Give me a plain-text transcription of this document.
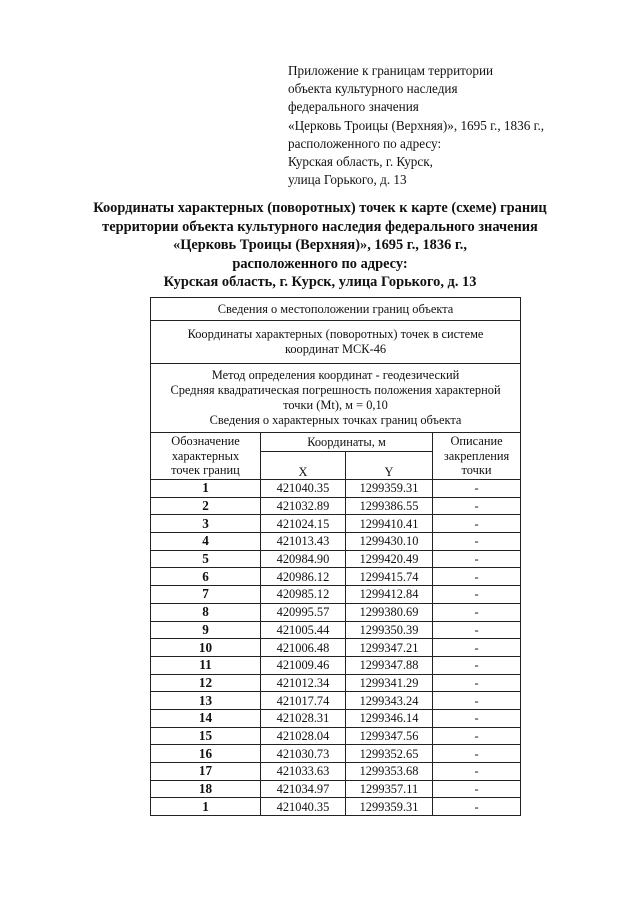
Приложение к границам территории
объекта культурного наследия
федерального значения
«Церковь Троицы (Верхняя)», 1695 г., 1836 г.,
расположенного по адресу:
Курская область, г. Курск,
улица Горького, д. 13
Координаты характерных (поворотных) точек к карте (схеме) границ
территории объекта культурного наследия федерального значения
«Церковь Троицы (Верхняя)», 1695 г., 1836 г.,
расположенного по адресу:
Курская область, г. Курск, улица Горького, д. 13
Сведения о местоположении границ объекта			

Координаты характерных (поворотных) точек в системе
координат МСК-46			

Метод определения координат - геодезический
Средняя квадратическая погрешность положения характерной
точки (Mt), м = 0,10
Сведения о характерных точках границ объекта			

Обозначение
характерных
точек границ	Координаты, м		Описание
закрепления
точки

	X	Y	
1	421040.35	1299359.31	-
2	421032.89	1299386.55	-
3	421024.15	1299410.41	-
4	421013.43	1299430.10	-
5	420984.90	1299420.49	-
6	420986.12	1299415.74	-
7	420985.12	1299412.84	-
8	420995.57	1299380.69	-
9	421005.44	1299350.39	-
10	421006.48	1299347.21	-
11	421009.46	1299347.88	-
12	421012.34	1299341.29	-
13	421017.74	1299343.24	-
14	421028.31	1299346.14	-
15	421028.04	1299347.56	-
16	421030.73	1299352.65	-
17	421033.63	1299353.68	-
18	421034.97	1299357.11	-
1	421040.35	1299359.31	-
